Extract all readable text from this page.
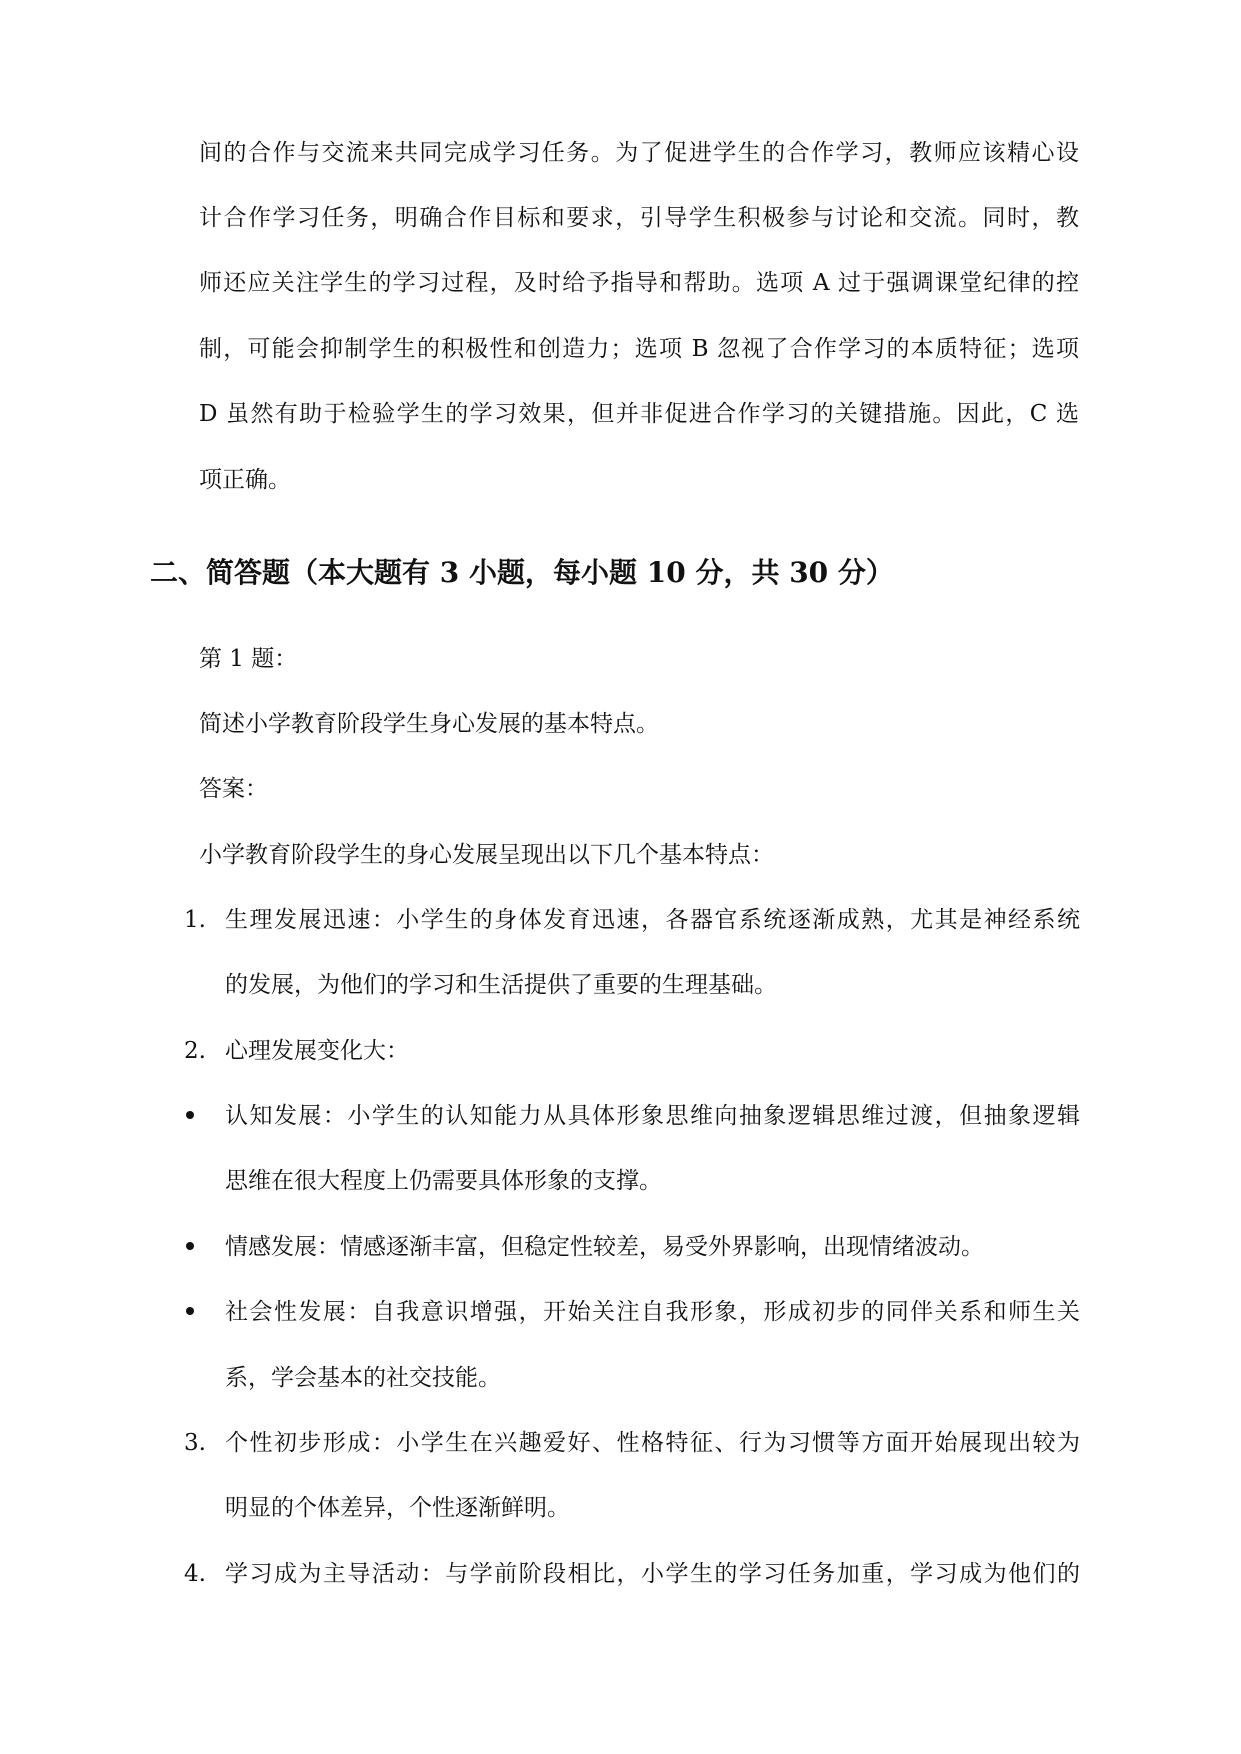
间的合作与交流来共同完成学习任务。为了促进学生的合作学习，教师应该精心设
计合作学习任务，明确合作目标和要求，引导学生积极参与讨论和交流。同时，教
师还应关注学生的学习过程，及时给予指导和帮助。选项 A 过于强调课堂纪律的控
制，可能会抑制学生的积极性和创造力；选项 B 忽视了合作学习的本质特征；选项
D 虽然有助于检验学生的学习效果，但并非促进合作学习的关键措施。因此，C 选
项正确。
二、简答题（本大题有 3 小题，每小题 10 分，共 30 分）
第 1 题：
简述小学教育阶段学生身心发展的基本特点。
答案：
小学教育阶段学生的身心发展呈现出以下几个基本特点：
1. 生理发展迅速：小学生的身体发育迅速，各器官系统逐渐成熟，尤其是神经系统
的发展，为他们的学习和生活提供了重要的生理基础。
2. 心理发展变化大：
认知发展：小学生的认知能力从具体形象思维向抽象逻辑思维过渡，但抽象逻辑
思维在很大程度上仍需要具体形象的支撑。
情感发展：情感逐渐丰富，但稳定性较差，易受外界影响，出现情绪波动。
社会性发展：自我意识增强，开始关注自我形象，形成初步的同伴关系和师生关
系，学会基本的社交技能。
3. 个性初步形成：小学生在兴趣爱好、性格特征、行为习惯等方面开始展现出较为
明显的个体差异，个性逐渐鲜明。
4. 学习成为主导活动：与学前阶段相比，小学生的学习任务加重，学习成为他们的
